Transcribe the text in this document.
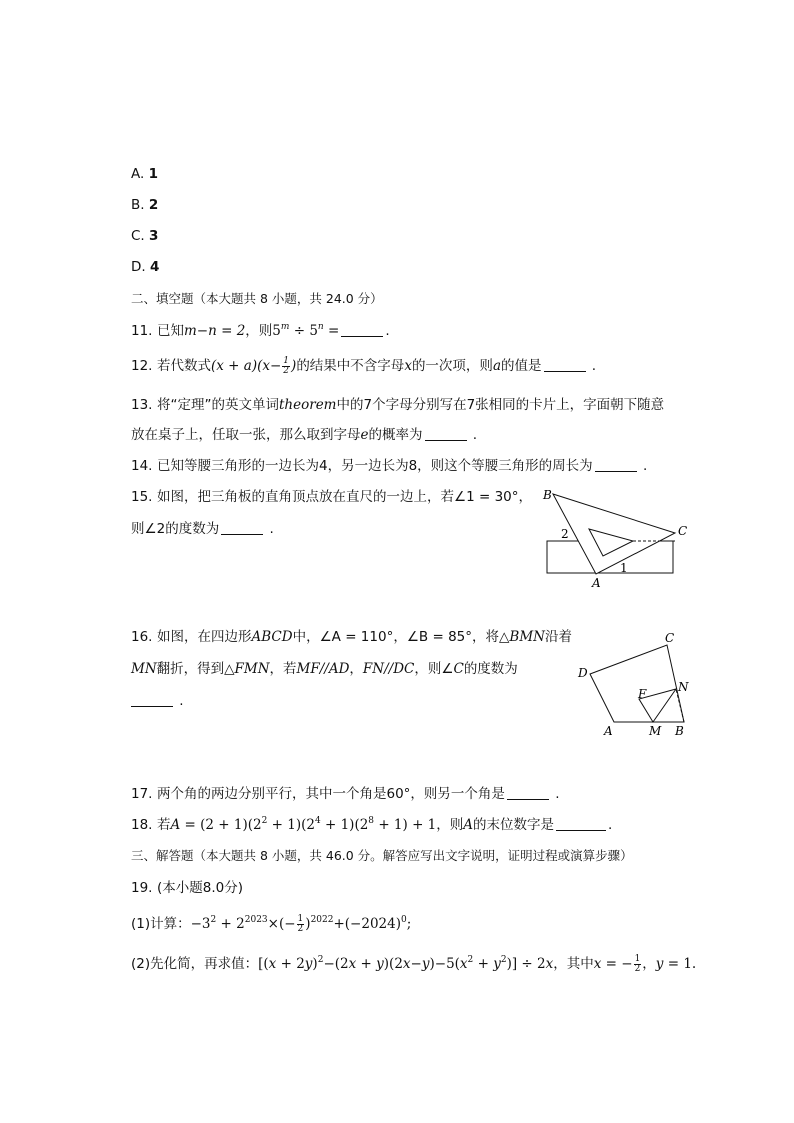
A. 1
B. 2
C. 3
D. 4
二、填空题（本大题共 8 小题，共 24.0 分）
11. 已知m−n = 2，则$5^m \div 5^n$ =	.
12. 若代数式$(x + a)(x- \frac{1}{2}$ )的结果中不含字母x的一次项，则a的值是	.
13. 将“定理”的英文单词theorem中的7个字母分别写在7张相同的卡片上，字面朝下随意
放在桌子上，任取一张，那么取到字母e的概率为	.
14. 已知等腰三角形的一边长为4，另一边长为8，则这个等腰三角形的周长为	.
15. 如图，把三角板的直角顶点放在直尺的一边上，若∠1 = 30°，
则∠2的度数为	.
B
C
A
1
2
16. 如图，在四边形ABCD中，∠A = 110°，∠B = 85°，将△BMN沿着
MN翻折，得到△FMN，若MF//AD，FN//DC，则∠C的度数为
.
C
D
F	N
A	M B
17. 两个角的两边分别平行，其中一个角是60°，则另一个角是	.
18. 若$A = (2 + 1)(2^2 + 1)(2^4 + 1)(2^8 + 1) + 1$，则A的末位数字是	.
三、解答题（本大题共 8 小题，共 46.0 分。解答应写出文字说明，证明过程或演算步骤）
19. (本小题8.0分)
(1)计算：$-3^2 + 2^{2023}\times(- \frac{1}{2} )^{2022}+(-2024)^0$;
(2)先化简，再求值：$[(x + 2y)^2-(2x + y)(2x-y)-5(x^2 + y^2)] \div 2x$，其中x = − $\frac{1}{2}$ ，y = 1.
